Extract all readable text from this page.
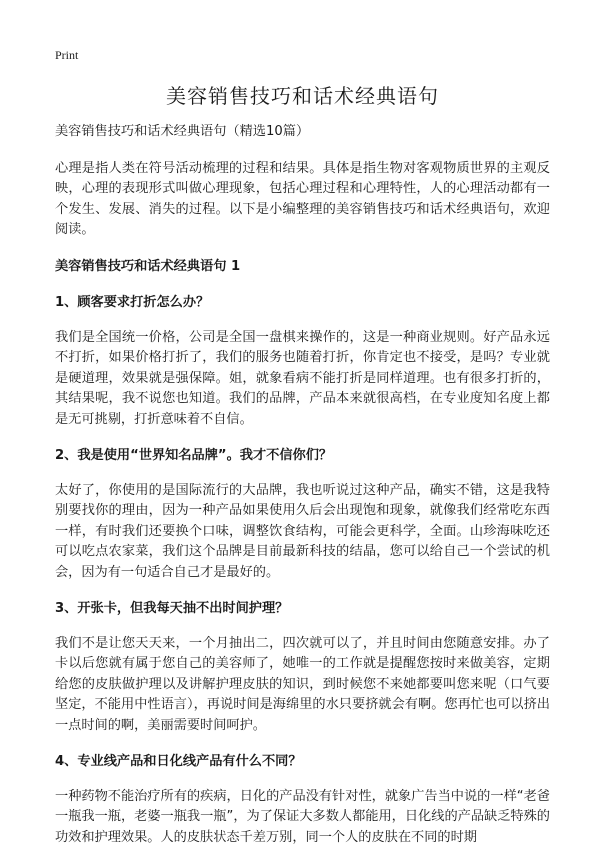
Print
美容销售技巧和话术经典语句

美容销售技巧和话术经典语句（精选10篇）

心理是指人类在符号活动梳理的过程和结果。具体是指生物对客观物质世界的主观反映，心理的表现形式叫做心理现象，包括心理过程和心理特性，人的心理活动都有一个发生、发展、消失的过程。以下是小编整理的美容销售技巧和话术经典语句，欢迎阅读。

美容销售技巧和话术经典语句 1

1、顾客要求打折怎么办？

我们是全国统一价格，公司是全国一盘棋来操作的，这是一种商业规则。好产品永远不打折，如果价格打折了，我们的服务也随着打折，你肯定也不接受，是吗？专业就是硬道理，效果就是强保障。姐，就象看病不能打折是同样道理。也有很多打折的，其结果呢，我不说您也知道。我们的品牌，产品本来就很高档，在专业度知名度上都是无可挑剔，打折意味着不自信。

2、我是使用“世界知名品牌”。我才不信你们？

太好了，你使用的是国际流行的大品牌，我也听说过这种产品，确实不错，这是我特别要找你的理由，因为一种产品如果使用久后会出现饱和现象，就像我们经常吃东西一样，有时我们还要换个口味，调整饮食结构，可能会更科学，全面。山珍海味吃还可以吃点农家菜，我们这个品牌是目前最新科技的结晶，您可以给自己一个尝试的机会，因为有一句适合自己才是最好的。

3、开张卡，但我每天抽不出时间护理？

我们不是让您天天来，一个月抽出二，四次就可以了，并且时间由您随意安排。办了卡以后您就有属于您自己的美容师了，她唯一的工作就是提醒您按时来做美容，定期给您的皮肤做护理以及讲解护理皮肤的知识，到时候您不来她都要叫您来呢（口气要坚定，不能用中性语言），再说时间是海绵里的水只要挤就会有啊。您再忙也可以挤出一点时间的啊，美丽需要时间呵护。

4、专业线产品和日化线产品有什么不同？

一种药物不能治疗所有的疾病，日化的产品没有针对性，就象广告当中说的一样“老爸一瓶我一瓶，老婆一瓶我一瓶”，为了保证大多数人都能用，日化线的产品缺乏特殊的功效和护理效果。人的皮肤状态千差万别，同一个人的皮肤在不同的时期
